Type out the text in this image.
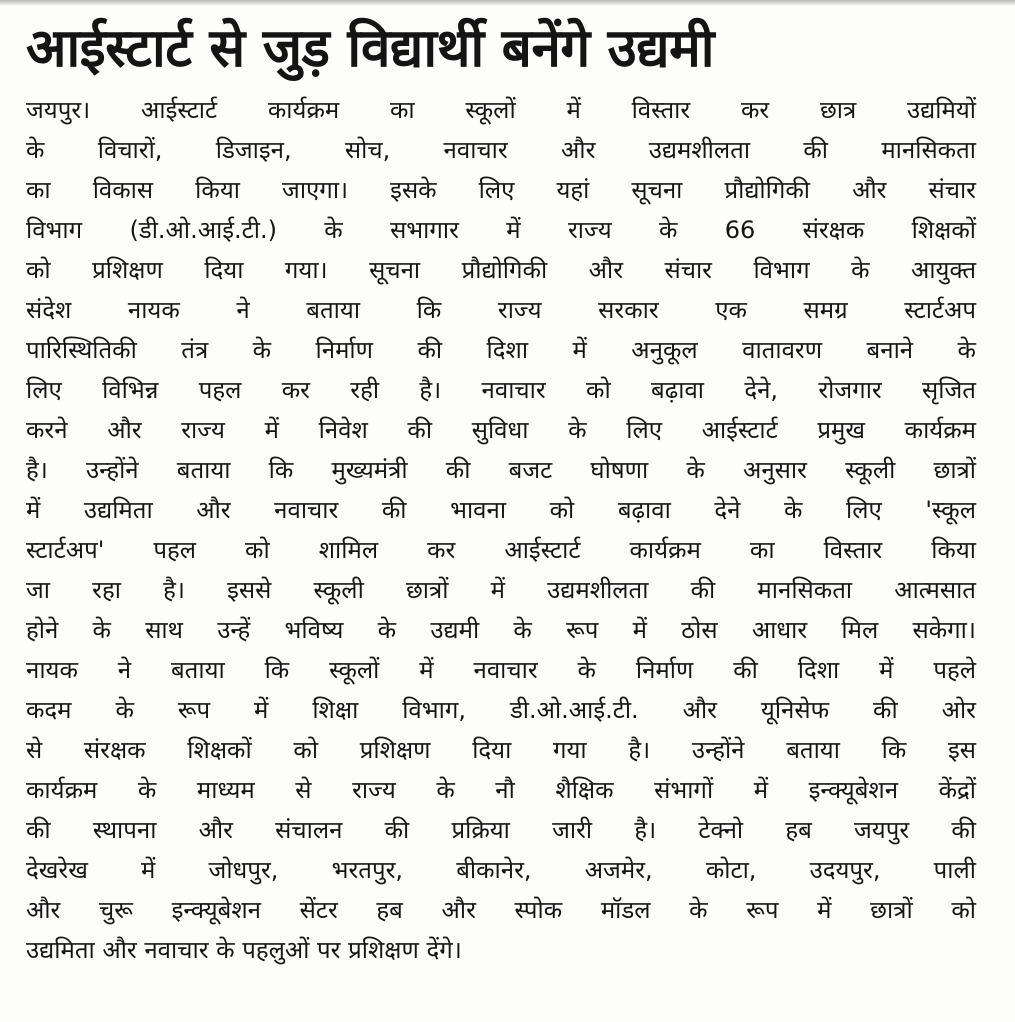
आईस्टार्ट से जुड़ विद्यार्थी बनेंगे उद्यमी
जयपुर। आईस्टार्ट कार्यक्रम का स्कूलों में विस्तार कर छात्र उद्यमियों
के विचारों, डिजाइन, सोच, नवाचार और उद्यमशीलता की मानसिकता
का विकास किया जाएगा। इसके लिए यहां सूचना प्रौद्योगिकी और संचार
विभाग (डी.ओ.आई.टी.) के सभागार में राज्य के 66 संरक्षक शिक्षकों
को प्रशिक्षण दिया गया। सूचना प्रौद्योगिकी और संचार विभाग के आयुक्त
संदेश नायक ने बताया कि राज्य सरकार एक समग्र स्टार्टअप
पारिस्थितिकी तंत्र के निर्माण की दिशा में अनुकूल वातावरण बनाने के
लिए विभिन्न पहल कर रही है। नवाचार को बढ़ावा देने, रोजगार सृजित
करने और राज्य में निवेश की सुविधा के लिए आईस्टार्ट प्रमुख कार्यक्रम
है। उन्होंने बताया कि मुख्यमंत्री की बजट घोषणा के अनुसार स्कूली छात्रों
में उद्यमिता और नवाचार की भावना को बढ़ावा देने के लिए 'स्कूल
स्टार्टअप' पहल को शामिल कर आईस्टार्ट कार्यक्रम का विस्तार किया
जा रहा है। इससे स्कूली छात्रों में उद्यमशीलता की मानसिकता आत्मसात
होने के साथ उन्हें भविष्य के उद्यमी के रूप में ठोस आधार मिल सकेगा।
नायक ने बताया कि स्कूलों में नवाचार के निर्माण की दिशा में पहले
कदम के रूप में शिक्षा विभाग, डी.ओ.आई.टी. और यूनिसेफ की ओर
से संरक्षक शिक्षकों को प्रशिक्षण दिया गया है। उन्होंने बताया कि इस
कार्यक्रम के माध्यम से राज्य के नौ शैक्षिक संभागों में इन्क्यूबेशन केंद्रों
की स्थापना और संचालन की प्रक्रिया जारी है। टेक्नो हब जयपुर की
देखरेख में जोधपुर, भरतपुर, बीकानेर, अजमेर, कोटा, उदयपुर, पाली
और चुरू इन्क्यूबेशन सेंटर हब और स्पोक मॉडल के रूप में छात्रों को
उद्यमिता और नवाचार के पहलुओं पर प्रशिक्षण देंगे।
